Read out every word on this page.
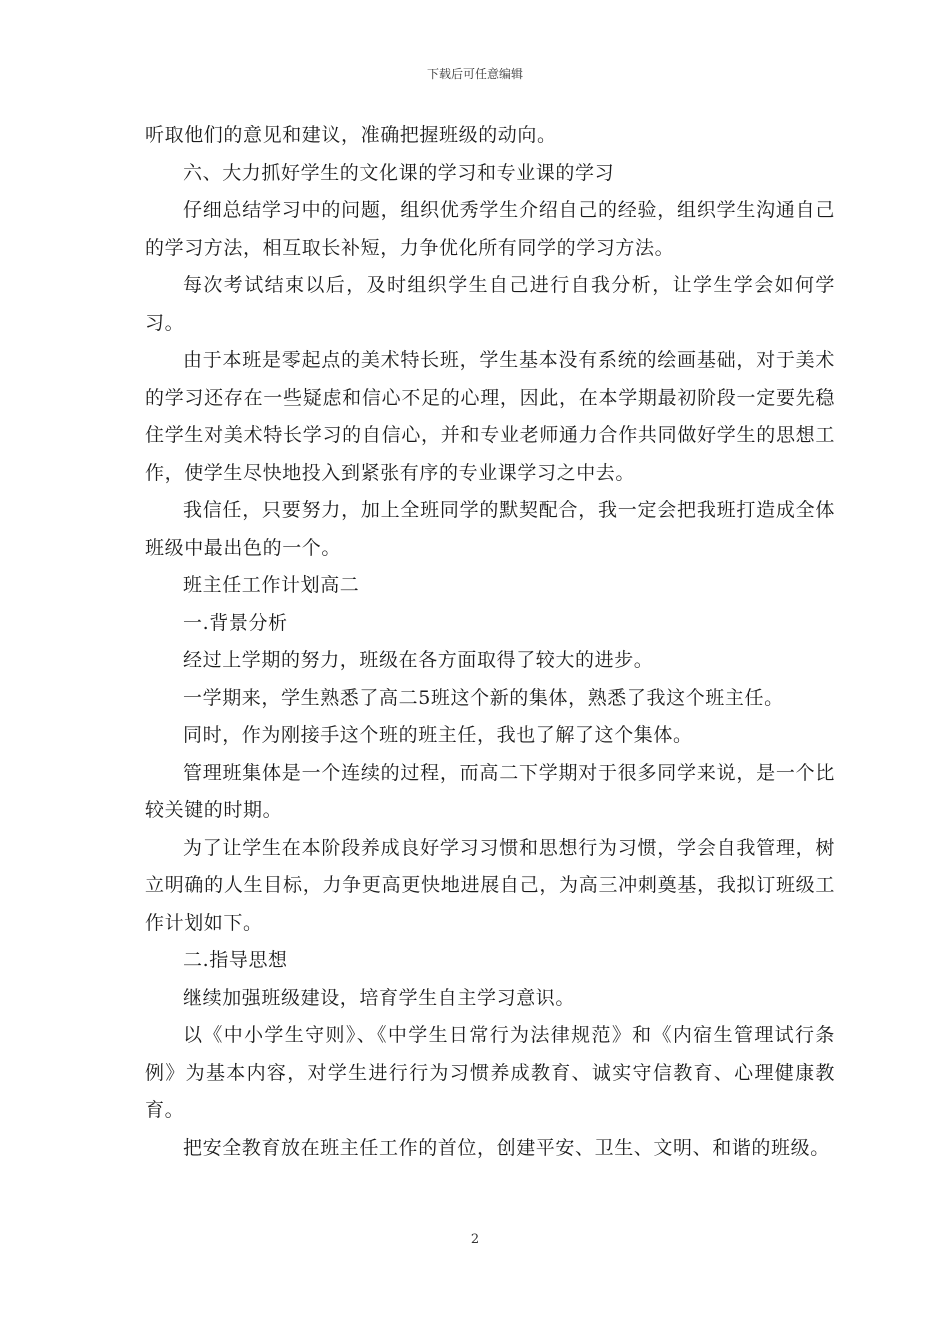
下载后可任意编辑

听取他们的意见和建议，准确把握班级的动向。

六、大力抓好学生的文化课的学习和专业课的学习

仔细总结学习中的问题，组织优秀学生介绍自己的经验，组织学生沟通自己的学习方法，相互取长补短，力争优化所有同学的学习方法。

每次考试结束以后，及时组织学生自己进行自我分析，让学生学会如何学习。

由于本班是零起点的美术特长班，学生基本没有系统的绘画基础，对于美术的学习还存在一些疑虑和信心不足的心理，因此，在本学期最初阶段一定要先稳住学生对美术特长学习的自信心，并和专业老师通力合作共同做好学生的思想工作，使学生尽快地投入到紧张有序的专业课学习之中去。

我信任，只要努力，加上全班同学的默契配合，我一定会把我班打造成全体班级中最出色的一个。

班主任工作计划高二

一.背景分析

经过上学期的努力，班级在各方面取得了较大的进步。

一学期来，学生熟悉了高二5班这个新的集体，熟悉了我这个班主任。

同时，作为刚接手这个班的班主任，我也了解了这个集体。

管理班集体是一个连续的过程，而高二下学期对于很多同学来说，是一个比较关键的时期。

为了让学生在本阶段养成良好学习习惯和思想行为习惯，学会自我管理，树立明确的人生目标，力争更高更快地进展自己，为高三冲刺奠基，我拟订班级工作计划如下。

二.指导思想

继续加强班级建设，培育学生自主学习意识。

以《中小学生守则》、《中学生日常行为法律规范》和《内宿生管理试行条例》为基本内容，对学生进行行为习惯养成教育、诚实守信教育、心理健康教育。

把安全教育放在班主任工作的首位，创建平安、卫生、文明、和谐的班级。

2
